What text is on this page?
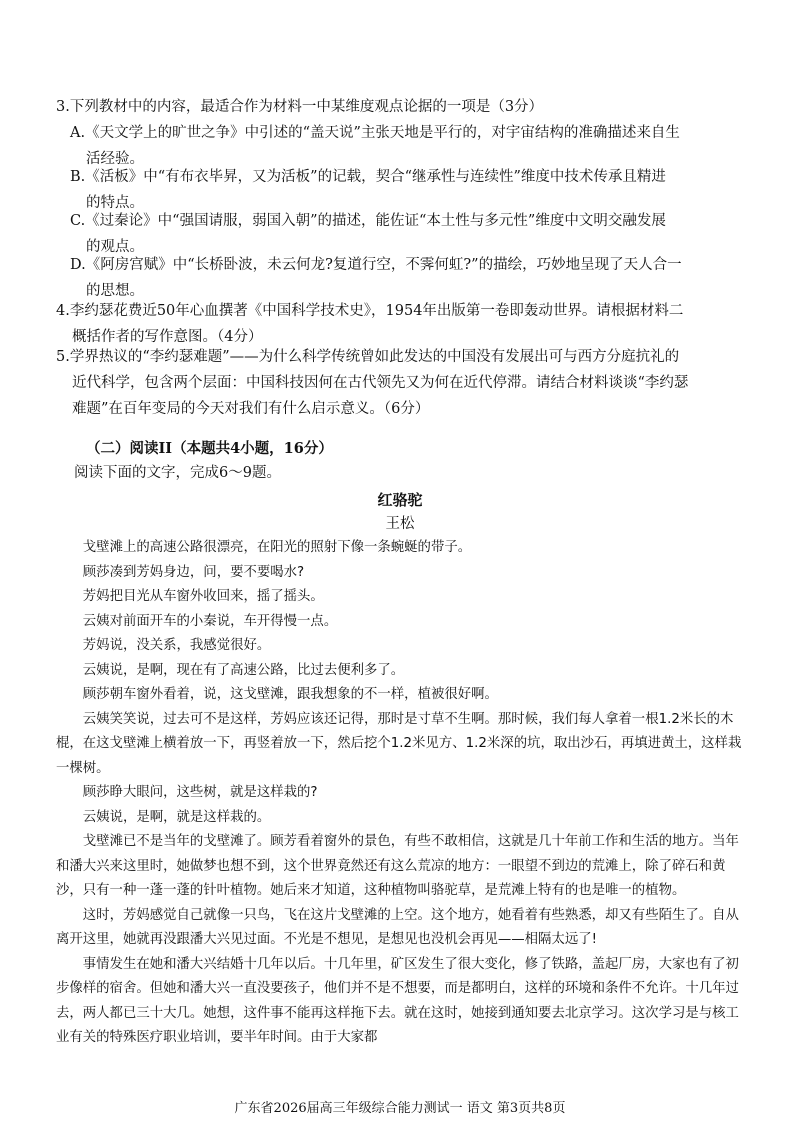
3.下列教材中的内容，最适合作为材料一中某维度观点论据的一项是（3分）
A.《天文学上的旷世之争》中引述的“盖天说”主张天地是平行的，对宇宙结构的准确描述来自生
活经验。
B.《活板》中“有布衣毕昇，又为活板”的记载，契合“继承性与连续性”维度中技术传承且精进
的特点。
C.《过秦论》中“强国请服，弱国入朝”的描述，能佐证“本土性与多元性”维度中文明交融发展
的观点。
D.《阿房宫赋》中“长桥卧波，未云何龙?复道行空，不霁何虹?”的描绘，巧妙地呈现了天人合一
的思想。
4.李约瑟花费近50年心血撰著《中国科学技术史》，1954年出版第一卷即轰动世界。请根据材料二
概括作者的写作意图。（4分）
5.学界热议的“李约瑟难题”——为什么科学传统曾如此发达的中国没有发展出可与西方分庭抗礼的
近代科学，包含两个层面：中国科技因何在古代领先又为何在近代停滞。请结合材料谈谈“李约瑟
难题”在百年变局的今天对我们有什么启示意义。（6分）
（二）阅读II（本题共4小题，16分）
阅读下面的文字，完成6～9题。
红骆驼
王松

戈壁滩上的高速公路很漂亮，在阳光的照射下像一条蜿蜒的带子。

顾莎凑到芳妈身边，问，要不要喝水?

芳妈把目光从车窗外收回来，摇了摇头。

云姨对前面开车的小秦说，车开得慢一点。

芳妈说，没关系，我感觉很好。

云姨说，是啊，现在有了高速公路，比过去便利多了。

顾莎朝车窗外看着，说，这戈壁滩，跟我想象的不一样，植被很好啊。

云姨笑笑说，过去可不是这样，芳妈应该还记得，那时是寸草不生啊。那时候，我们每人拿着一根1.2米长的木棍，在这戈壁滩上横着放一下，再竖着放一下，然后挖个1.2米见方、1.2米深的坑，取出沙石，再填进黄土，这样栽一棵树。

顾莎睁大眼问，这些树，就是这样栽的?

云姨说，是啊，就是这样栽的。

戈壁滩已不是当年的戈壁滩了。顾芳看着窗外的景色，有些不敢相信，这就是几十年前工作和生活的地方。当年和潘大兴来这里时，她做梦也想不到，这个世界竟然还有这么荒凉的地方：一眼望不到边的荒滩上，除了碎石和黄沙，只有一种一蓬一蓬的针叶植物。她后来才知道，这种植物叫骆驼草，是荒滩上特有的也是唯一的植物。

这时，芳妈感觉自己就像一只鸟，飞在这片戈壁滩的上空。这个地方，她看着有些熟悉，却又有些陌生了。自从离开这里，她就再没跟潘大兴见过面。不光是不想见，是想见也没机会再见——相隔太远了!

事情发生在她和潘大兴结婚十几年以后。十几年里，矿区发生了很大变化，修了铁路，盖起厂房，大家也有了初步像样的宿舍。但她和潘大兴一直没要孩子，他们并不是不想要，而是都明白，这样的环境和条件不允许。十几年过去，两人都已三十大几。她想，这件事不能再这样拖下去。就在这时，她接到通知要去北京学习。这次学习是与核工业有关的特殊医疗职业培训，要半年时间。由于大家都

广东省2026届高三年级综合能力测试一 语文 第3页共8页
